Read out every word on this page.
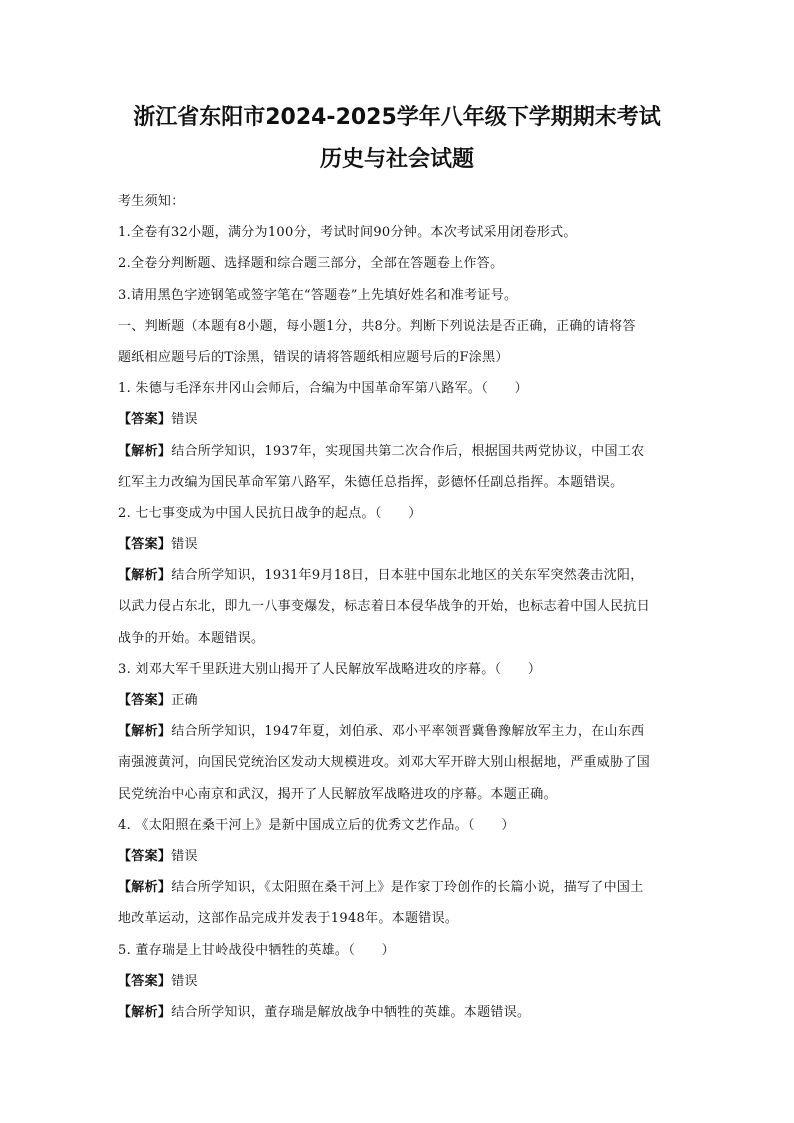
浙江省东阳市2024-2025学年八年级下学期期末考试
历史与社会试题
考生须知：
1.全卷有32小题，满分为100分，考试时间90分钟。本次考试采用闭卷形式。
2.全卷分判断题、选择题和综合题三部分，全部在答题卷上作答。
3.请用黑色字迹钢笔或签字笔在“答题卷”上先填好姓名和准考证号。
一、判断题（本题有8小题，每小题1分，共8分。判断下列说法是否正确，正确的请将答
题纸相应题号后的T涂黑，错误的请将答题纸相应题号后的F涂黑）
1. 朱德与毛泽东井冈山会师后，合编为中国革命军第八路军。（　　）
【答案】错误
【解析】结合所学知识，1937年，实现国共第二次合作后，根据国共两党协议，中国工农
红军主力改编为国民革命军第八路军，朱德任总指挥，彭德怀任副总指挥。本题错误。
2. 七七事变成为中国人民抗日战争的起点。（　　）
【答案】错误
【解析】结合所学知识，1931年9月18日，日本驻中国东北地区的关东军突然袭击沈阳，
以武力侵占东北，即九一八事变爆发，标志着日本侵华战争的开始，也标志着中国人民抗日
战争的开始。本题错误。
3. 刘邓大军千里跃进大别山揭开了人民解放军战略进攻的序幕。（　　）
【答案】正确
【解析】结合所学知识，1947年夏，刘伯承、邓小平率领晋冀鲁豫解放军主力，在山东西
南强渡黄河，向国民党统治区发动大规模进攻。刘邓大军开辟大别山根据地，严重威胁了国
民党统治中心南京和武汉，揭开了人民解放军战略进攻的序幕。本题正确。
4. 《太阳照在桑干河上》是新中国成立后的优秀文艺作品。（　　）
【答案】错误
【解析】结合所学知识，《太阳照在桑干河上》是作家丁玲创作的长篇小说，描写了中国土
地改革运动，这部作品完成并发表于1948年。本题错误。
5. 董存瑞是上甘岭战役中牺牲的英雄。（　　）
【答案】错误
【解析】结合所学知识，董存瑞是解放战争中牺牲的英雄。本题错误。
